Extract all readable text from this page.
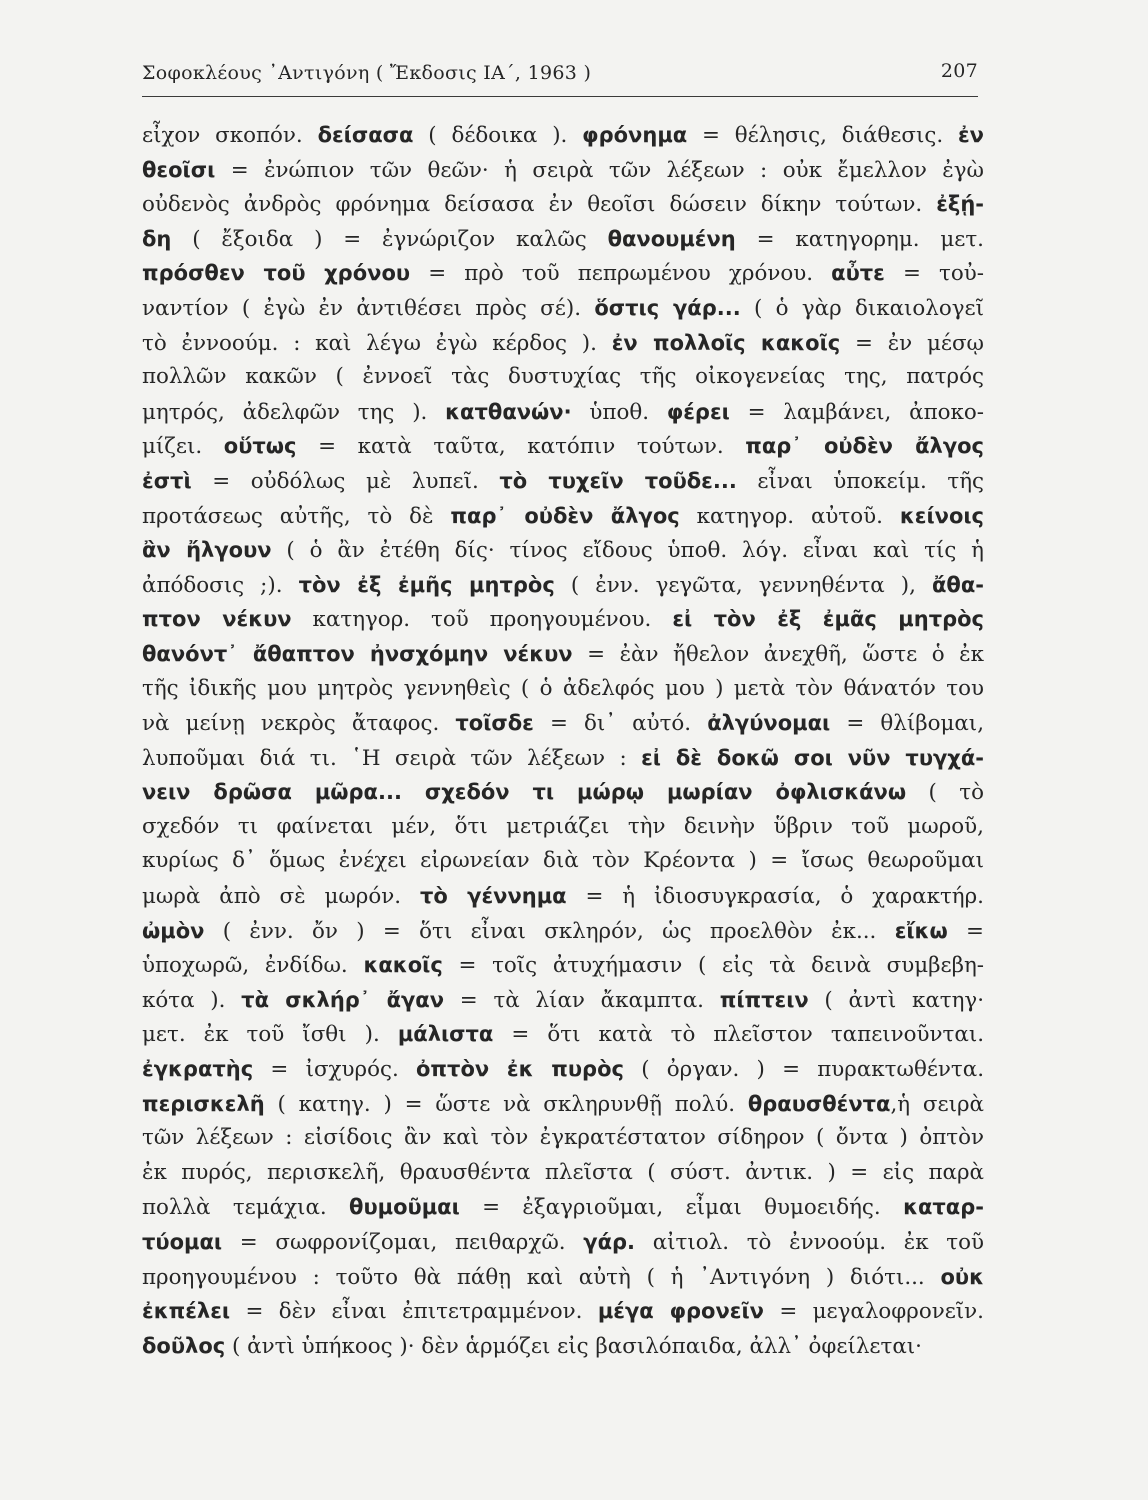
Σοφοκλέους ᾿Αντιγόνη ( Ἔκδοσις ΙΑ΄, 1963 )	207
εἶχον σκοπόν. δείσασα ( δέδοικα ). φρόνημα = θέλησις, διάθεσις. ἐν
θεοῖσι = ἐνώπιον τῶν θεῶν· ἡ σειρὰ τῶν λέξεων : οὐκ ἔμελλον ἐγὼ
οὐδενὸς ἀνδρὸς φρόνημα δείσασα ἐν θεοῖσι δώσειν δίκην τούτων. ἐξῄ-
δη ( ἔξοιδα ) = ἐγνώριζον καλῶς θανουμένη = κατηγορημ. μετ.
πρόσθεν τοῦ χρόνου = πρὸ τοῦ πεπρωμένου χρόνου. αὖτε = τοὐ-
ναντίον ( ἐγὼ ἐν ἀντιθέσει πρὸς σέ). ὅστις γάρ... ( ὁ γὰρ δικαιολογεῖ
τὸ ἐννοούμ. : καὶ λέγω ἐγὼ κέρδος ). ἐν πολλοῖς κακοῖς = ἐν μέσῳ
πολλῶν κακῶν ( ἐννοεῖ τὰς δυστυχίας τῆς οἰκογενείας της, πατρός
μητρός, ἀδελφῶν της ). κατθανών· ὑποθ. φέρει = λαμβάνει, ἀποκο-
μίζει. οὕτως = κατὰ ταῦτα, κατόπιν τούτων. παρ᾿ οὐδὲν ἄλγος
ἐστὶ = οὐδόλως μὲ λυπεῖ. τὸ τυχεῖν τοῦδε... εἶναι ὑποκείμ. τῆς
προτάσεως αὐτῆς, τὸ δὲ παρ᾿ οὐδὲν ἄλγος κατηγορ. αὐτοῦ. κείνοις
ἂν ἤλγουν ( ὁ ἂν ἐτέθη δίς· τίνος εἴδους ὑποθ. λόγ. εἶναι καὶ τίς ἡ
ἀπόδοσις ;). τὸν ἐξ ἐμῆς μητρὸς ( ἐνν. γεγῶτα, γεννηθέντα ), ἄθα-
πτον νέκυν κατηγορ. τοῦ προηγουμένου. εἰ τὸν ἐξ ἐμᾶς μητρὸς
θανόντ᾿ ἄθαπτον ἠνσχόμην νέκυν = ἐὰν ἤθελον ἀνεχθῆ, ὥστε ὁ ἐκ
τῆς ἰδικῆς μου μητρὸς γεννηθεὶς ( ὁ ἀδελφός μου ) μετὰ τὸν θάνατόν του
νὰ μείνῃ νεκρὸς ἄταφος. τοῖσδε = δι᾿ αὐτό. ἀλγύνομαι = θλίβομαι,
λυποῦμαι διά τι. ῾Η σειρὰ τῶν λέξεων : εἰ δὲ δοκῶ σοι νῦν τυγχά-
νειν δρῶσα μῶρα... σχεδόν τι μώρῳ μωρίαν ὀφλισκάνω ( τὸ
σχεδόν τι φαίνεται μέν, ὅτι μετριάζει τὴν δεινὴν ὕβριν τοῦ μωροῦ,
κυρίως δ᾿ ὅμως ἐνέχει εἰρωνείαν διὰ τὸν Κρέοντα ) = ἴσως θεωροῦμαι
μωρὰ ἀπὸ σὲ μωρόν. τὸ γέννημα = ἡ ἰδιοσυγκρασία, ὁ χαρακτήρ.
ὠμὸν ( ἐνν. ὄν ) = ὅτι εἶναι σκληρόν, ὡς προελθὸν ἐκ... εἴκω =
ὑποχωρῶ, ἐνδίδω. κακοῖς = τοῖς ἀτυχήμασιν ( εἰς τὰ δεινὰ συμβεβη-
κότα ). τὰ σκλήρ᾿ ἄγαν = τὰ λίαν ἄκαμπτα. πίπτειν ( ἀντὶ κατηγ·
μετ. ἐκ τοῦ ἴσθι ). μάλιστα = ὅτι κατὰ τὸ πλεῖστον ταπεινοῦνται.
ἐγκρατὴς = ἰσχυρός. ὀπτὸν ἐκ πυρὸς ( ὀργαν. ) = πυρακτωθέντα.
περισκελῆ ( κατηγ. ) = ὥστε νὰ σκληρυνθῇ πολύ. θραυσθέντα,ἡ σειρὰ
τῶν λέξεων : εἰσίδοις ἂν καὶ τὸν ἐγκρατέστατον σίδηρον ( ὄντα ) ὀπτὸν
ἐκ πυρός, περισκελῆ, θραυσθέντα πλεῖστα ( σύστ. ἀντικ. ) = εἰς παρὰ
πολλὰ τεμάχια. θυμοῦμαι = ἐξαγριοῦμαι, εἶμαι θυμοειδής. καταρ-
τύομαι = σωφρονίζομαι, πειθαρχῶ. γάρ. αἰτιολ. τὸ ἐννοούμ. ἐκ τοῦ
προηγουμένου : τοῦτο θὰ πάθῃ καὶ αὐτὴ ( ἡ ᾿Αντιγόνη ) διότι... οὐκ
ἐκπέλει = δὲν εἶναι ἐπιτετραμμένον. μέγα φρονεῖν = μεγαλοφρονεῖν.
δοῦλος ( ἀντὶ ὑπήκοος )· δὲν ἁρμόζει εἰς βασιλόπαιδα, ἀλλ᾿ ὀφείλεται·
